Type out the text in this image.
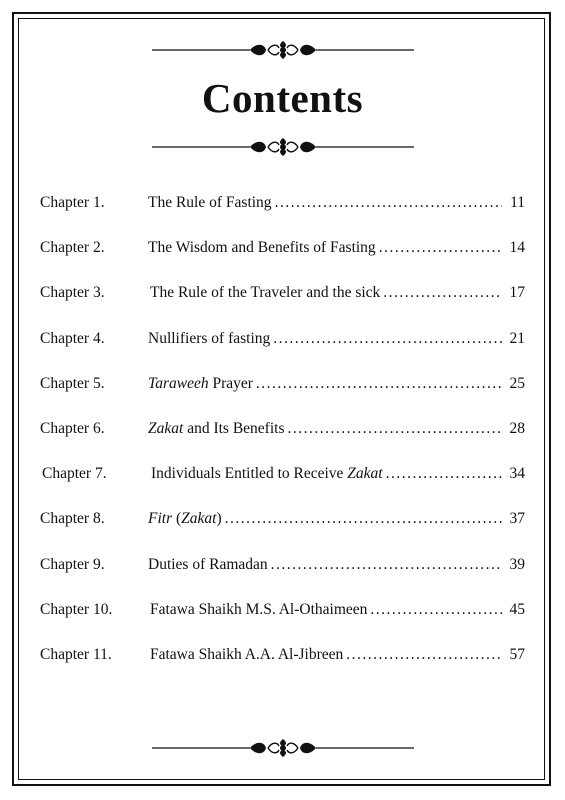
Contents
Chapter 1.	The Rule of Fasting .....	11
Chapter 2.	The Wisdom and Benefits of Fasting .....	14
Chapter 3.	The Rule of the Traveler and the sick .....	17
Chapter 4.	Nullifiers of fasting .....	21
Chapter 5.	Taraweeh Prayer .....	25
Chapter 6.	Zakat and Its Benefits .....	28
Chapter 7.	Individuals Entitled to Receive Zakat .....	34
Chapter 8.	Fitr (Zakat) .....	37
Chapter 9.	Duties of Ramadan .....	39
Chapter 10. Fatawa Shaikh M.S. Al-Othaimeen .....	45
Chapter 11. Fatawa Shaikh A.A. Al-Jibreen .....	57
